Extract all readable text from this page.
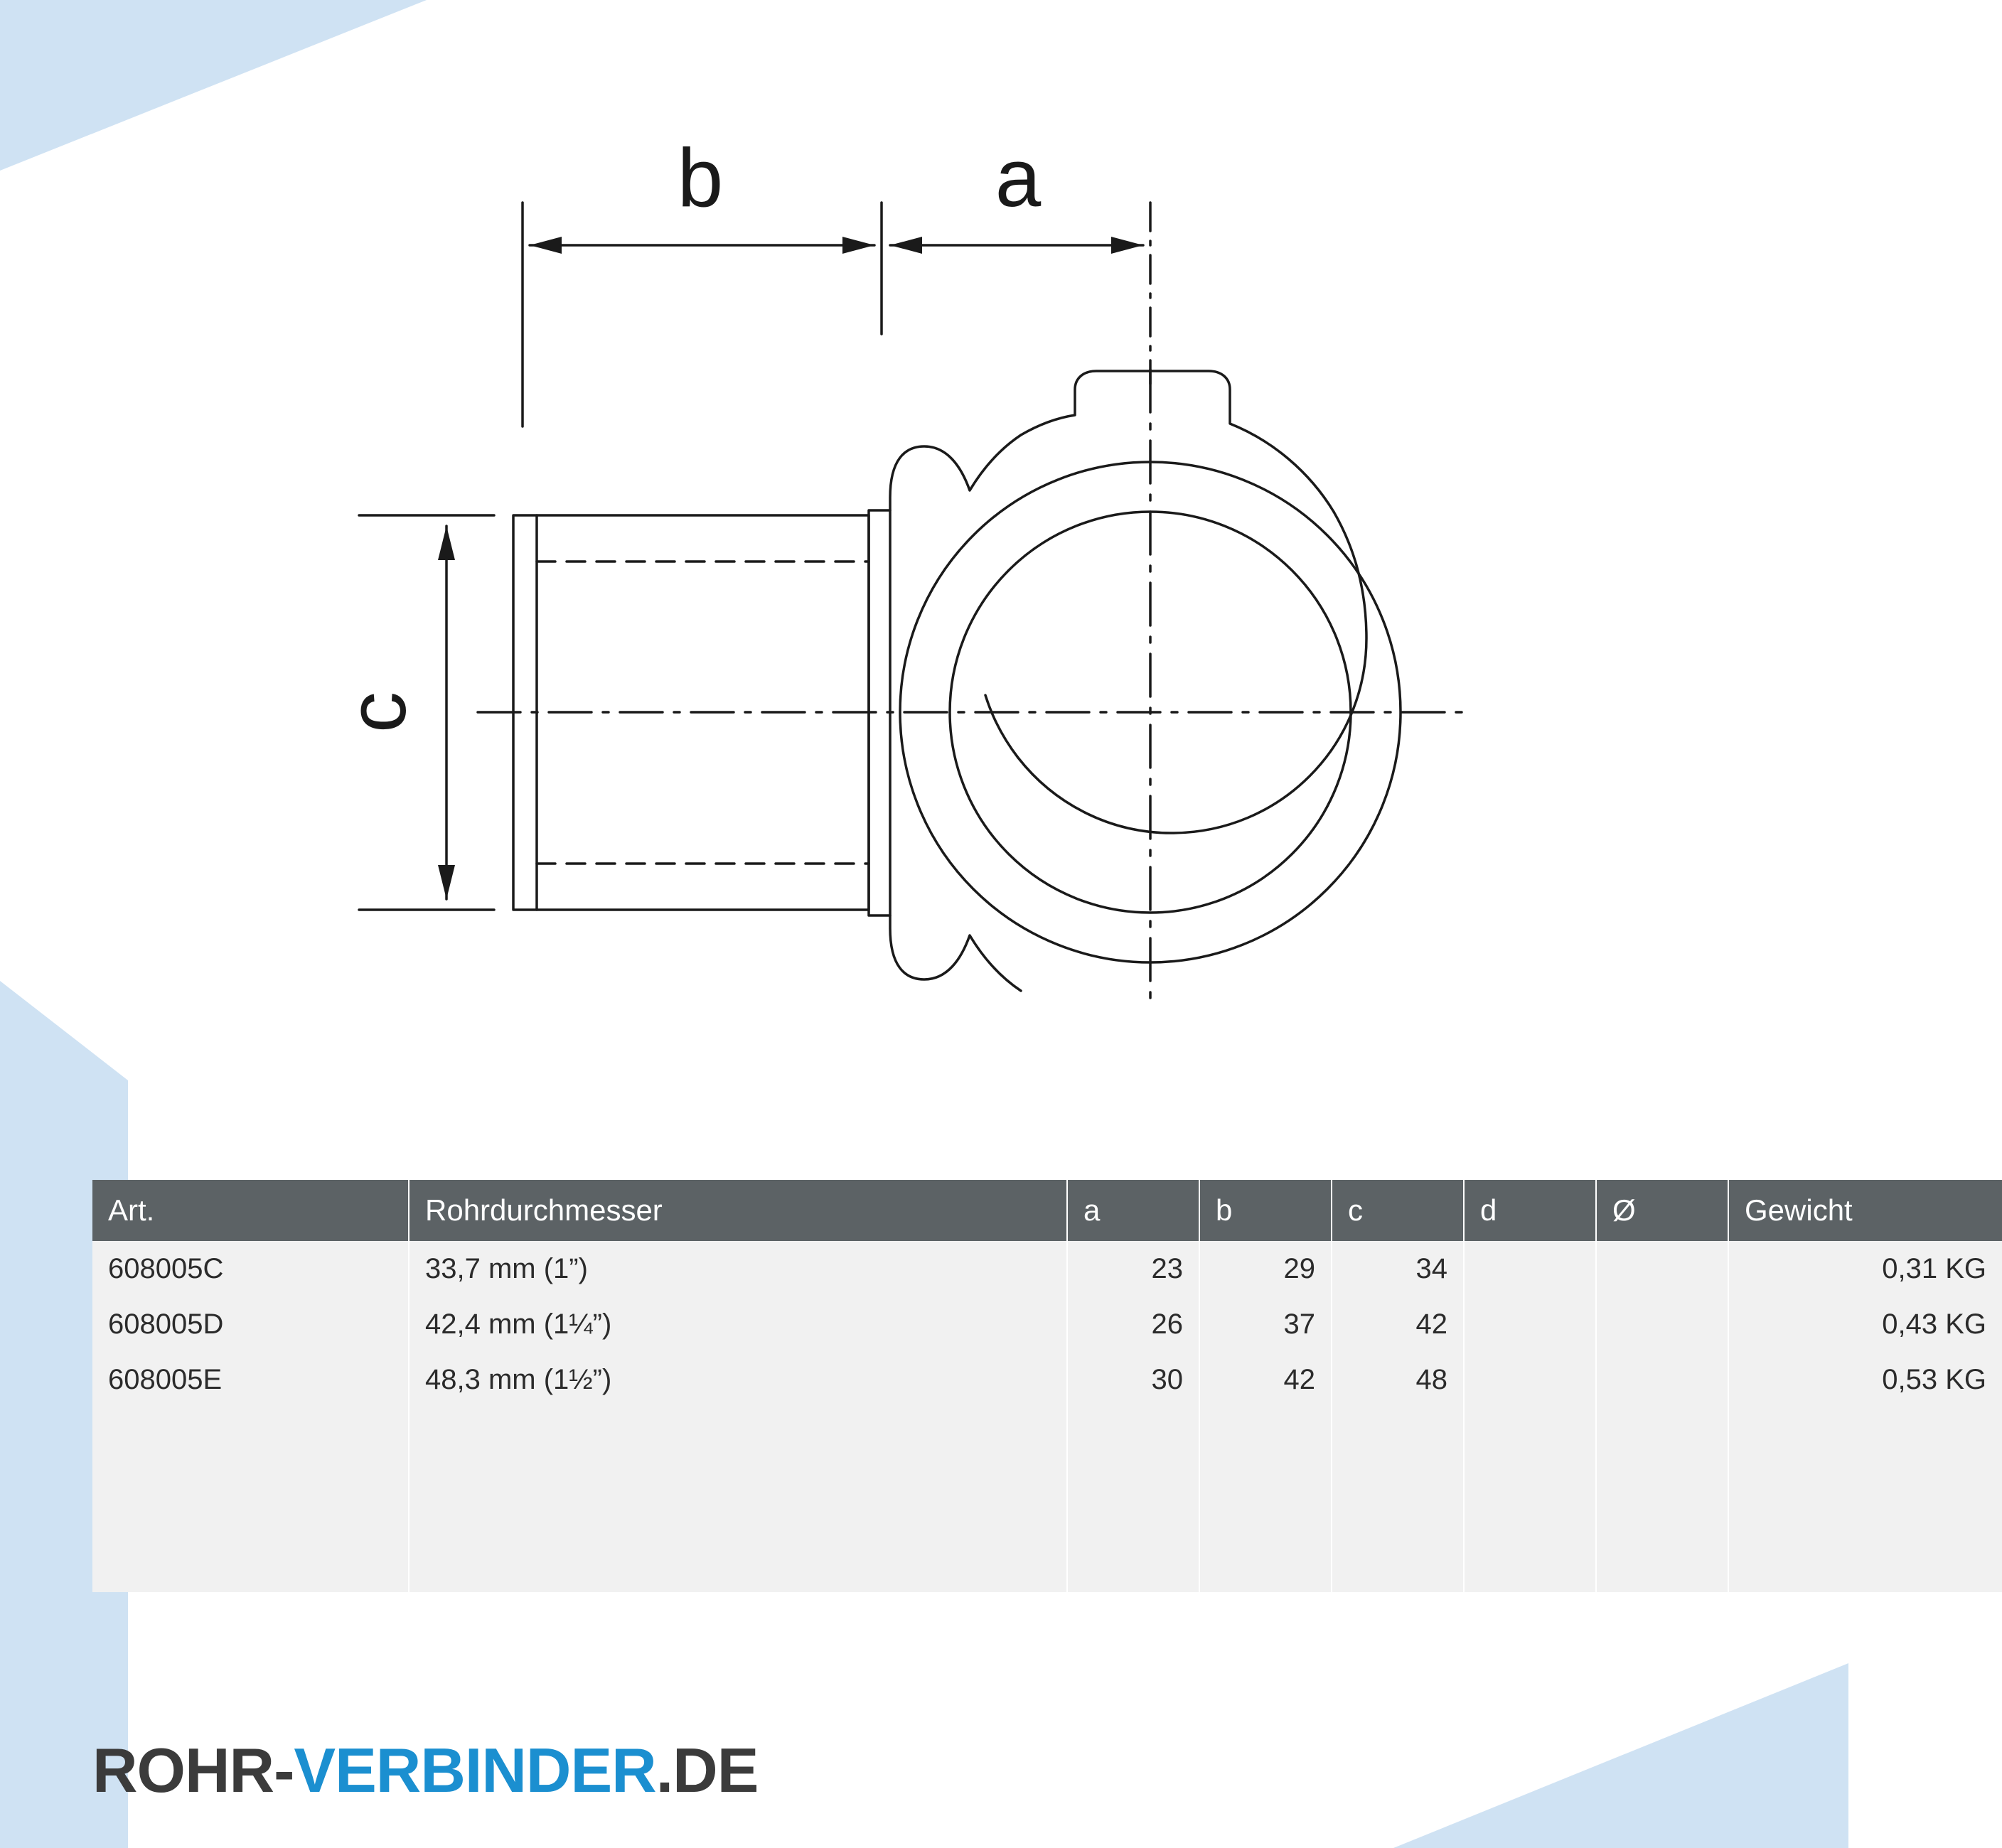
b	a
c
Art.	Rohrdurchmesser	a	b	c	d	Ø	Gewicht
608005C	33,7 mm (1”)	23	29	34			0,31 KG
608005D	42,4 mm (1¼”)	26	37	42			0,43 KG
608005E	48,3 mm (1½”)	30	42	48			0,53 KG

ROHR-VERBINDER.DE
